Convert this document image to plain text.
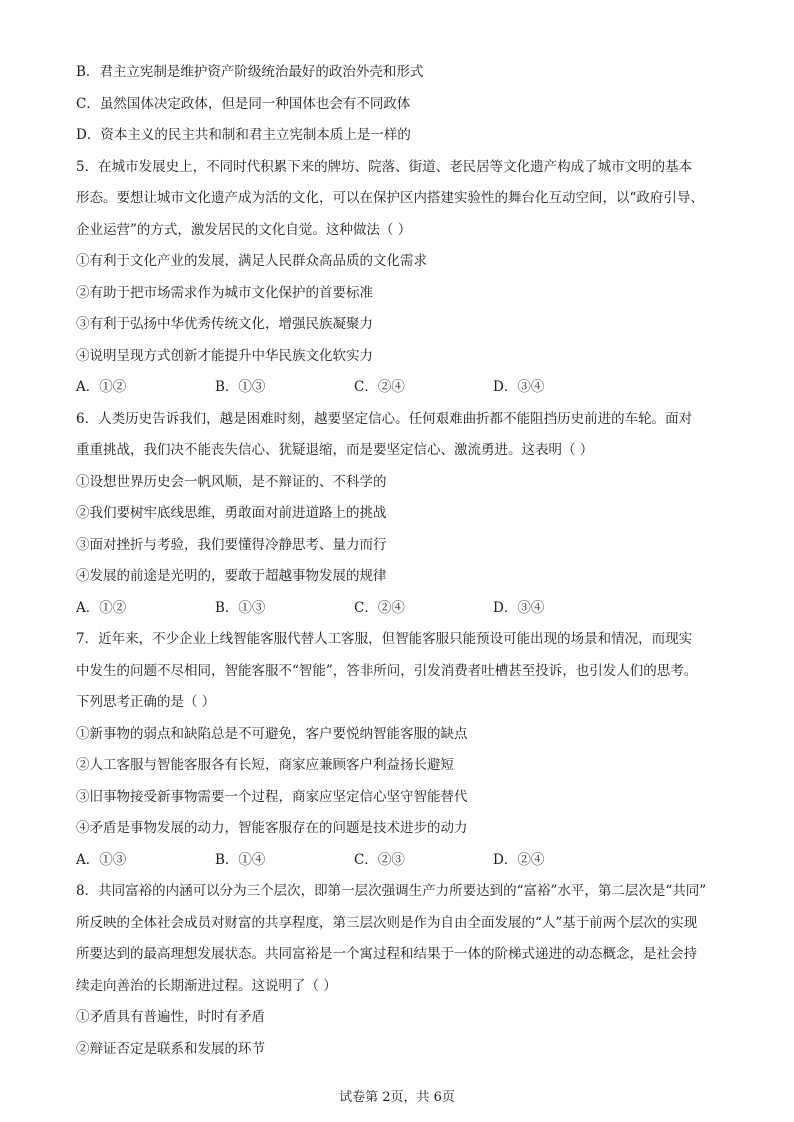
B．君主立宪制是维护资产阶级统治最好的政治外壳和形式
C．虽然国体决定政体，但是同一种国体也会有不同政体
D．资本主义的民主共和制和君主立宪制本质上是一样的
5．在城市发展史上，不同时代积累下来的牌坊、院落、街道、老民居等文化遗产构成了城市文明的基本
形态。要想让城市文化遗产成为活的文化，可以在保护区内搭建实验性的舞台化互动空间，以“政府引导、
企业运营”的方式，激发居民的文化自觉。这种做法（ ）
①有利于文化产业的发展，满足人民群众高品质的文化需求
②有助于把市场需求作为城市文化保护的首要标准
③有利于弘扬中华优秀传统文化，增强民族凝聚力
④说明呈现方式创新才能提升中华民族文化软实力
A．①②	B．①③	C．②④	D．③④
6．人类历史告诉我们，越是困难时刻，越要坚定信心。任何艰难曲折都不能阻挡历史前进的车轮。面对
重重挑战，我们决不能丧失信心、犹疑退缩，而是要坚定信心、激流勇进。这表明（ ）
①设想世界历史会一帆风顺，是不辩证的、不科学的
②我们要树牢底线思维，勇敢面对前进道路上的挑战
③面对挫折与考验，我们要懂得冷静思考、量力而行
④发展的前途是光明的，要敢于超越事物发展的规律
A．①②	B．①③	C．②④	D．③④
7．近年来，不少企业上线智能客服代替人工客服，但智能客服只能预设可能出现的场景和情况，而现实
中发生的问题不尽相同，智能客服不“智能”，答非所问，引发消费者吐槽甚至投诉，也引发人们的思考。
下列思考正确的是（ ）
①新事物的弱点和缺陷总是不可避免，客户要悦纳智能客服的缺点
②人工客服与智能客服各有长短，商家应兼顾客户利益扬长避短
③旧事物接受新事物需要一个过程，商家应坚定信心坚守智能替代
④矛盾是事物发展的动力，智能客服存在的问题是技术进步的动力
A．①③	B．①④	C．②③	D．②④
8．共同富裕的内涵可以分为三个层次，即第一层次强调生产力所要达到的“富裕”水平，第二层次是“共同”
所反映的全体社会成员对财富的共享程度，第三层次则是作为自由全面发展的“人”基于前两个层次的实现
所要达到的最高理想发展状态。共同富裕是一个寓过程和结果于一体的阶梯式递进的动态概念，是社会持
续走向善治的长期渐进过程。这说明了（ ）
①矛盾具有普遍性，时时有矛盾
②辩证否定是联系和发展的环节
试卷第 2页，共 6页
